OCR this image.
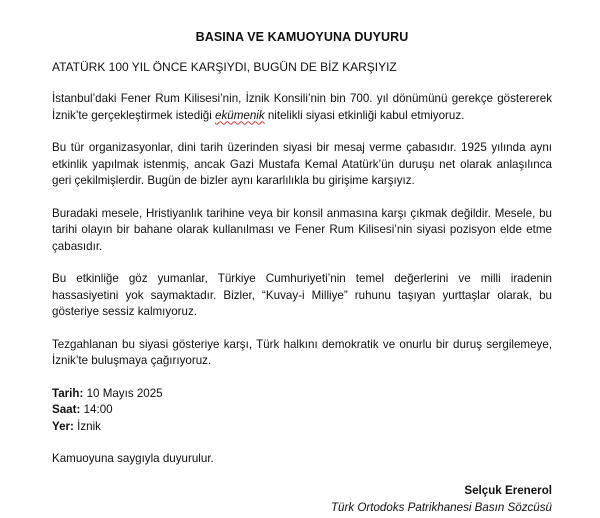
BASINA VE KAMUOYUNA DUYURU
ATATÜRK 100 YIL ÖNCE KARŞIYDI, BUGÜN DE BİZ KARŞIYIZ

İstanbul’daki Fener Rum Kilisesi’nin, İznik Konsili’nin bin 700. yıl dönümünü gerekçe göstererek İznik’te gerçekleştirmek istediği ekümenik nitelikli siyasi etkinliği kabul etmiyoruz.

Bu tür organizasyonlar, dini tarih üzerinden siyasi bir mesaj verme çabasıdır. 1925 yılında aynı etkinlik yapılmak istenmiş, ancak Gazi Mustafa Kemal Atatürk’ün duruşu net olarak anlaşılınca geri çekilmişlerdir. Bugün de bizler aynı kararlılıkla bu girişime karşıyız.

Buradaki mesele, Hristiyanlık tarihine veya bir konsil anmasına karşı çıkmak değildir. Mesele, bu tarihi olayın bir bahane olarak kullanılması ve Fener Rum Kilisesi’nin siyasi pozisyon elde etme çabasıdır.

Bu etkinliğe göz yumanlar, Türkiye Cumhuriyeti’nin temel değerlerini ve milli iradenin hassasiyetini yok saymaktadır. Bizler, “Kuvay-i Milliye” ruhunu taşıyan yurttaşlar olarak, bu gösteriye sessiz kalmıyoruz.

Tezgahlanan bu siyasi gösteriye karşı, Türk halkını demokratik ve onurlu bir duruş sergilemeye, İznik’te buluşmaya çağırıyoruz.

Tarih: 10 Mayıs 2025
Saat: 14:00
Yer: İznik
Kamuoyuna saygıyla duyurulur.
Selçuk Erenerol
Türk Ortodoks Patrikhanesi Basın Sözcüsü
